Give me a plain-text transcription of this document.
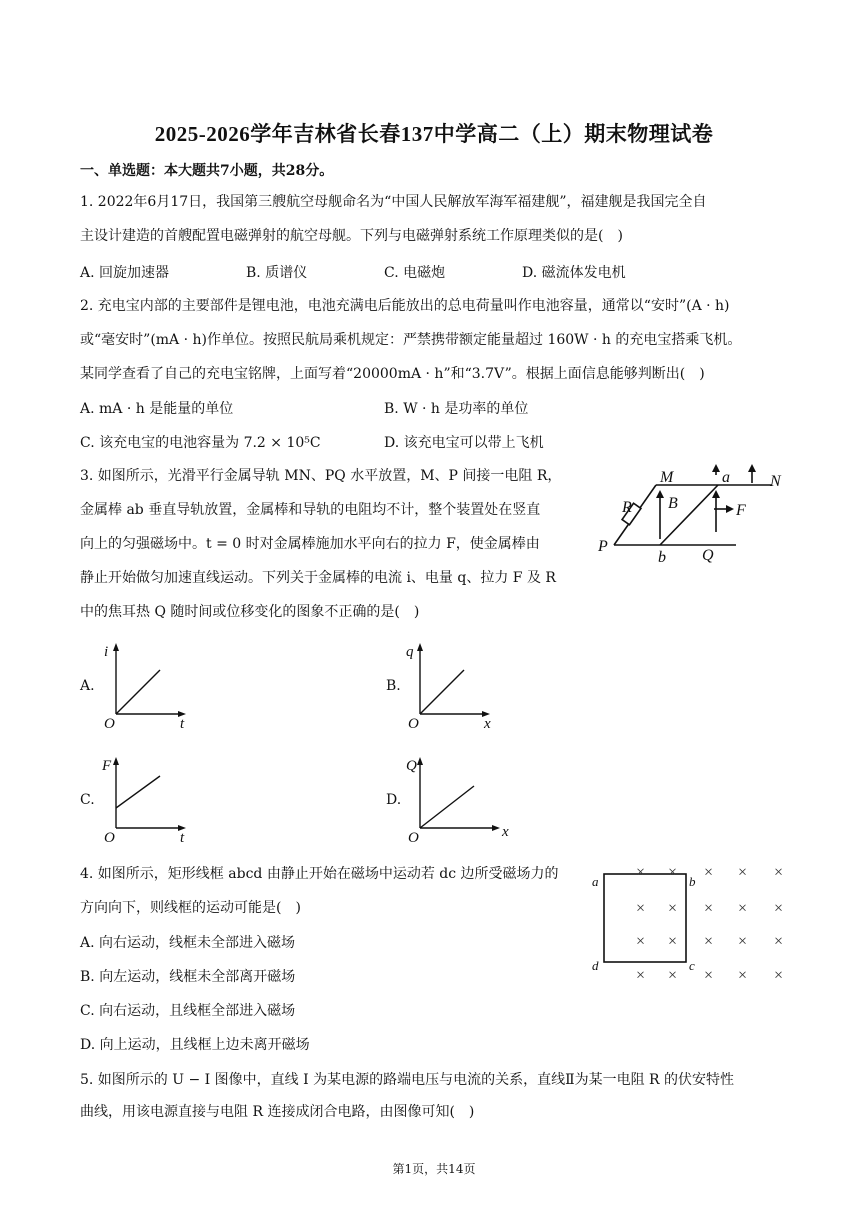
2025-2026学年吉林省长春137中学高二（上）期末物理试卷
一、单选题：本大题共7小题，共28分。
1. 2022年6月17日，我国第三艘航空母舰命名为“中国人民解放军海军福建舰”，福建舰是我国完全自
主设计建造的首艘配置电磁弹射的航空母舰。下列与电磁弹射系统工作原理类似的是(　)
A. 回旋加速器	B. 质谱仪	C. 电磁炮	D. 磁流体发电机
2. 充电宝内部的主要部件是锂电池，电池充满电后能放出的总电荷量叫作电池容量，通常以“安时”(A · h)
或“毫安时”(mA · h)作单位。按照民航局乘机规定：严禁携带额定能量超过 160W · h 的充电宝搭乘飞机。
某同学查看了自己的充电宝铭牌，上面写着“20000mA · h”和“3.7V”。根据上面信息能够判断出(　)
A. mA · h 是能量的单位	B. W · h 是功率的单位
C. 该充电宝的电池容量为 7.2 × 10⁵C	D. 该充电宝可以带上飞机
3. 如图所示，光滑平行金属导轨 MN、PQ 水平放置，M、P 间接一电阻 R，
金属棒 ab 垂直导轨放置，金属棒和导轨的电阻均不计，整个装置处在竖直
向上的匀强磁场中。t = 0 时对金属棒施加水平向右的拉力 F，使金属棒由
静止开始做匀加速直线运动。下列关于金属棒的电流 i、电量 q、拉力 F 及 R
中的焦耳热 Q 随时间或位移变化的图象不正确的是(　)
M	N
P
Q
a
b
R B	F
A.
i
t
O
B.
q
x
O
C.
F
t
O
D.
Q
x
O
4. 如图所示，矩形线框 abcd 由静止开始在磁场中运动若 dc 边所受磁场力的
方向向下，则线框的运动可能是(　)
A. 向右运动，线框未全部进入磁场
B. 向左运动，线框未全部离开磁场
C. 向右运动，且线框全部进入磁场
D. 向上运动，且线框上边未离开磁场
× × × × ×
× × × × ×
× × × × ×
× × × × ×
a	b
c
d
5. 如图所示的 U − I 图像中，直线 I 为某电源的路端电压与电流的关系，直线Ⅱ为某一电阻 R 的伏安特性
曲线，用该电源直接与电阻 R 连接成闭合电路，由图像可知(　)
第1页，共14页
